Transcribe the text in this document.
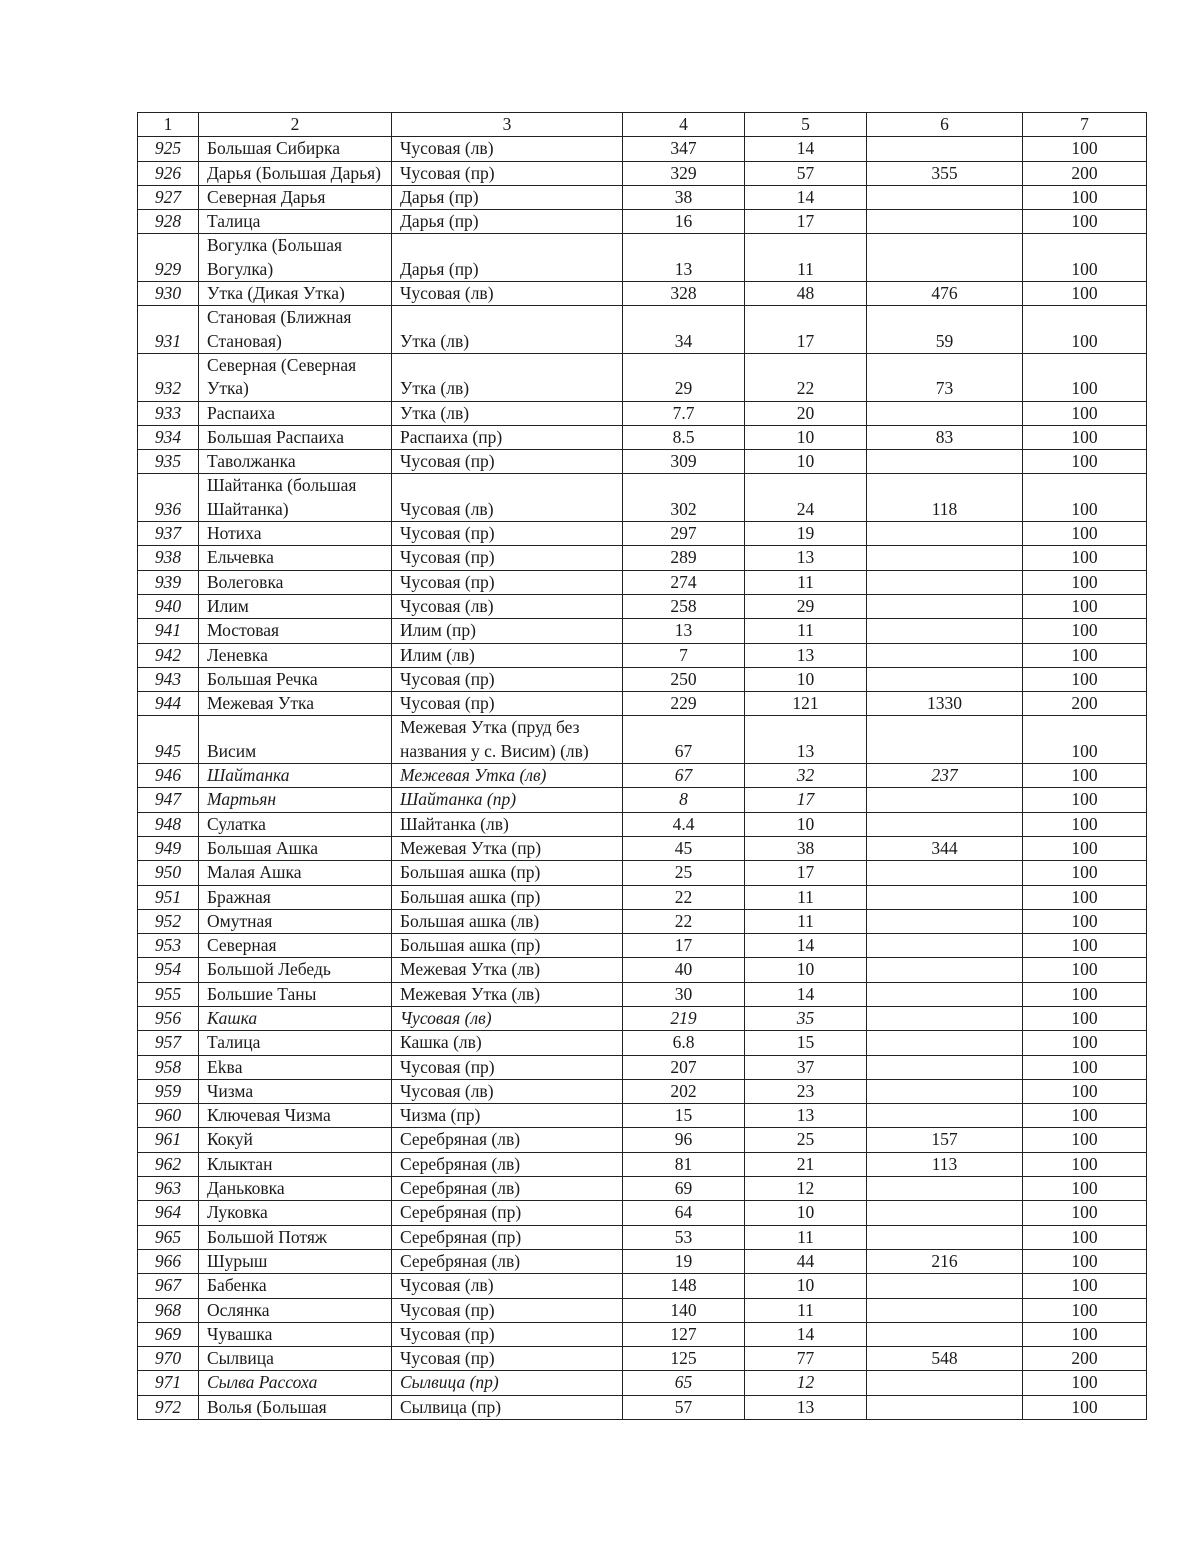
1	2	3	4	5	6	7
925	Большая Сибирка	Чусовая (лв)	347	14		100
926	Дарья (Большая Дарья)	Чусовая (пр)	329	57	355	200
927	Северная Дарья	Дарья (пр)	38	14		100
928	Талица	Дарья (пр)	16	17		100
929	Вогулка (Большая Вогулка)	Дарья (пр)	13	11		100
930	Утка (Дикая Утка)	Чусовая (лв)	328	48	476	100
931	Становая (Ближная Становая)	Утка (лв)	34	17	59	100
932	Северная (Северная Утка)	Утка (лв)	29	22	73	100
933	Распаиха	Утка (лв)	7.7	20		100
934	Большая Распаиха	Распаиха (пр)	8.5	10	83	100
935	Таволжанка	Чусовая (пр)	309	10		100
936	Шайтанка (большая Шайтанка)	Чусовая (лв)	302	24	118	100
937	Нотиха	Чусовая (пр)	297	19		100
938	Ельчевка	Чусовая (пр)	289	13		100
939	Волеговка	Чусовая (пр)	274	11		100
940	Илим	Чусовая (лв)	258	29		100
941	Мостовая	Илим (пр)	13	11		100
942	Леневка	Илим (лв)	7	13		100
943	Большая Речка	Чусовая (пр)	250	10		100
944	Межевая Утка	Чусовая (пр)	229	121	1330	200
945	Висим	Межевая Утка (пруд без названия у с. Висим) (лв)	67	13		100
946	Шайтанка	Межевая Утка (лв)	67	32	237	100
947	Мартьян	Шайтанка (пр)	8	17		100
948	Сулатка	Шайтанка (лв)	4.4	10		100
949	Большая Ашка	Межевая Утка (пр)	45	38	344	100
950	Малая Ашка	Большая ашка (пр)	25	17		100
951	Бражная	Большая ашка (пр)	22	11		100
952	Омутная	Большая ашка (лв)	22	11		100
953	Северная	Большая ашка (пр)	17	14		100
954	Большой Лебедь	Межевая Утка (лв)	40	10		100
955	Большие Таны	Межевая Утка (лв)	30	14		100
956	Кашка	Чусовая (лв)	219	35		100
957	Талица	Кашка (лв)	6.8	15		100
958	Ekвa	Чусовая (пр)	207	37		100
959	Чизма	Чусовая (лв)	202	23		100
960	Ключевая Чизма	Чизма (пр)	15	13		100
961	Кокуй	Серебряная (лв)	96	25	157	100
962	Клыктан	Серебряная (лв)	81	21	113	100
963	Даньковка	Серебряная (лв)	69	12		100
964	Луковка	Серебряная (пр)	64	10		100
965	Большой Потяж	Серебряная (пр)	53	11		100
966	Шурыш	Серебряная (лв)	19	44	216	100
967	Бабенка	Чусовая (лв)	148	10		100
968	Ослянка	Чусовая (пр)	140	11		100
969	Чувашка	Чусовая (пр)	127	14		100
970	Сылвица	Чусовая (пр)	125	77	548	200
971	Сылва Рассоха	Сылвица (пр)	65	12		100
972	Волья (Большая	Сылвица (пр)	57	13		100
